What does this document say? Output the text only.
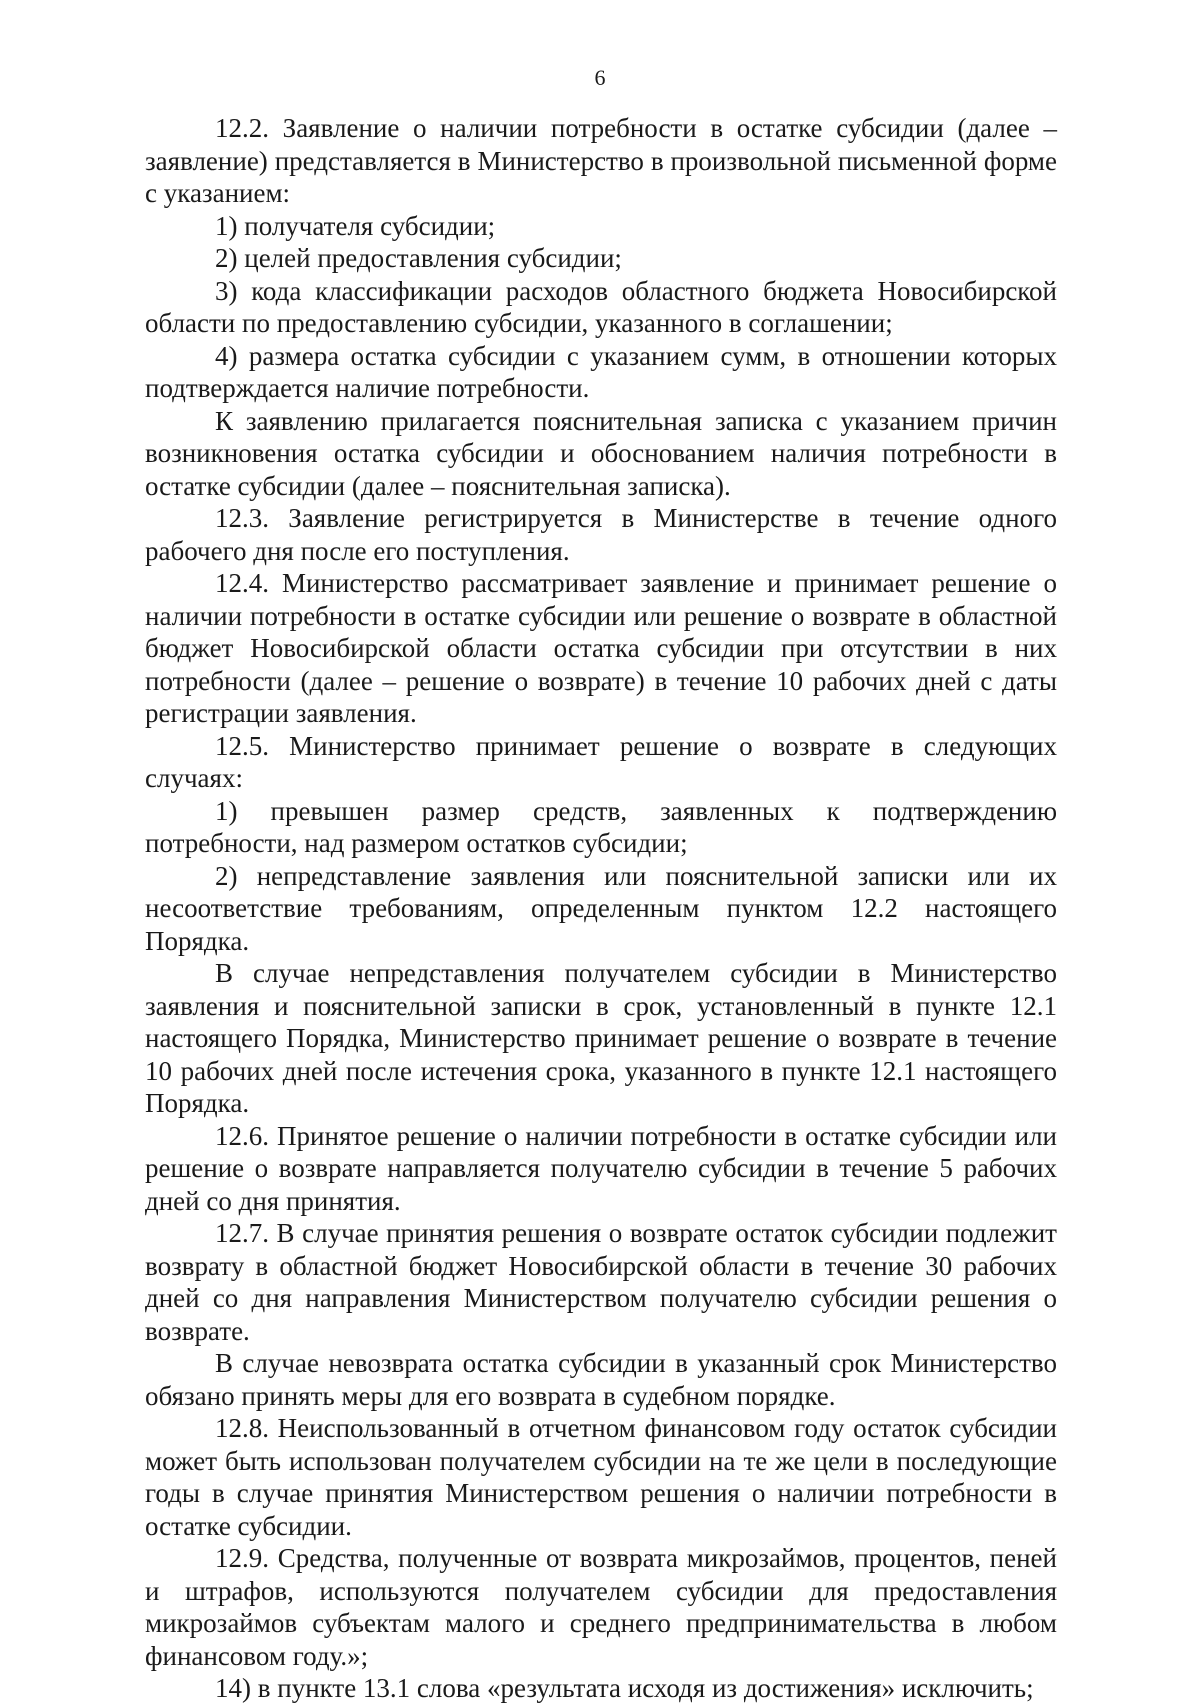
6

12.2. Заявление о наличии потребности в остатке субсидии (далее – заявление) представляется в Министерство в произвольной письменной форме с указанием:

1) получателя субсидии;

2) целей предоставления субсидии;

3) кода классификации расходов областного бюджета Новосибирской области по предоставлению субсидии, указанного в соглашении;

4) размера остатка субсидии с указанием сумм, в отношении которых подтверждается наличие потребности.

К заявлению прилагается пояснительная записка с указанием причин возникновения остатка субсидии и обоснованием наличия потребности в остатке субсидии (далее – пояснительная записка).

12.3. Заявление регистрируется в Министерстве в течение одного рабочего дня после его поступления.

12.4. Министерство рассматривает заявление и принимает решение о наличии потребности в остатке субсидии или решение о возврате в областной бюджет Новосибирской области остатка субсидии при отсутствии в них потребности (далее – решение о возврате) в течение 10 рабочих дней с даты регистрации заявления.

12.5. Министерство принимает решение о возврате в следующих случаях:

1) превышен размер средств, заявленных к подтверждению потребности, над размером остатков субсидии;

2) непредставление заявления или пояснительной записки или их несоответствие требованиям, определенным пунктом 12.2 настоящего Порядка.

В случае непредставления получателем субсидии в Министерство заявления и пояснительной записки в срок, установленный в пункте 12.1 настоящего Порядка, Министерство принимает решение о возврате в течение 10 рабочих дней после истечения срока, указанного в пункте 12.1 настоящего Порядка.

12.6. Принятое решение о наличии потребности в остатке субсидии или решение о возврате направляется получателю субсидии в течение 5 рабочих дней со дня принятия.

12.7. В случае принятия решения о возврате остаток субсидии подлежит возврату в областной бюджет Новосибирской области в течение 30 рабочих дней со дня направления Министерством получателю субсидии решения о возврате.

В случае невозврата остатка субсидии в указанный срок Министерство обязано принять меры для его возврата в судебном порядке.

12.8. Неиспользованный в отчетном финансовом году остаток субсидии может быть использован получателем субсидии на те же цели в последующие годы в случае принятия Министерством решения о наличии потребности в остатке субсидии.

12.9. Средства, полученные от возврата микрозаймов, процентов, пеней и штрафов, используются получателем субсидии для предоставления микрозаймов субъектам малого и среднего предпринимательства в любом финансовом году.»;

14) в пункте 13.1 слова «результата исходя из достижения» исключить;
